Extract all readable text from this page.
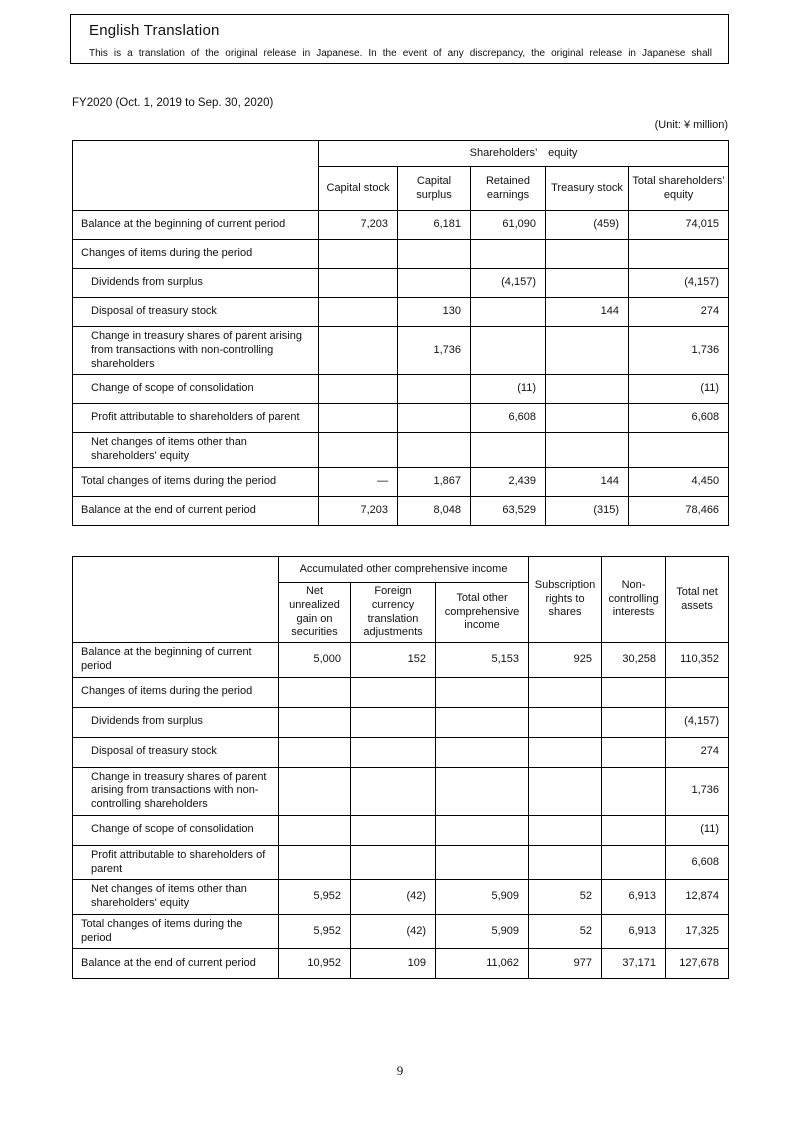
English Translation
This is a translation of the original release in Japanese. In the event of any discrepancy, the original release in Japanese shall
FY2020 (Oct. 1, 2019 to Sep. 30, 2020)
(Unit: ¥ million)
	Shareholders’　equity				
	Capital stock	Capital surplus	Retained earnings	Treasury stock	Total shareholders’ equity
Balance at the beginning of current period	7,203	6,181	61,090	(459)	74,015
Changes of items during the period					
Dividends from surplus			(4,157)		(4,157)
Disposal of treasury stock		130		144	274
Change in treasury shares of parent arising from transactions with non-controlling shareholders		1,736			1,736
Change of scope of consolidation			(11)		(11)
Profit attributable to shareholders of parent			6,608		6,608
Net changes of items other than shareholders' equity					
Total changes of items during the period	—	1,867	2,439	144	4,450
Balance at the end of current period	7,203	8,048	63,529	(315)	78,466
	Accumulated other comprehensive income			Subscription rights to shares	Non-controlling interests	Total net assets
	Net unrealized gain on securities	Foreign currency translation adjustments	Total other comprehensive income			
Balance at the beginning of current period	5,000	152	5,153	925	30,258	110,352
Changes of items during the period						
Dividends from surplus						(4,157)
Disposal of treasury stock						274
Change in treasury shares of parent arising from transactions with non-controlling shareholders						1,736
Change of scope of consolidation						(11)
Profit attributable to shareholders of parent						6,608
Net changes of items other than shareholders' equity	5,952	(42)	5,909	52	6,913	12,874
Total changes of items during the period	5,952	(42)	5,909	52	6,913	17,325
Balance at the end of current period	10,952	109	11,062	977	37,171	127,678
9
